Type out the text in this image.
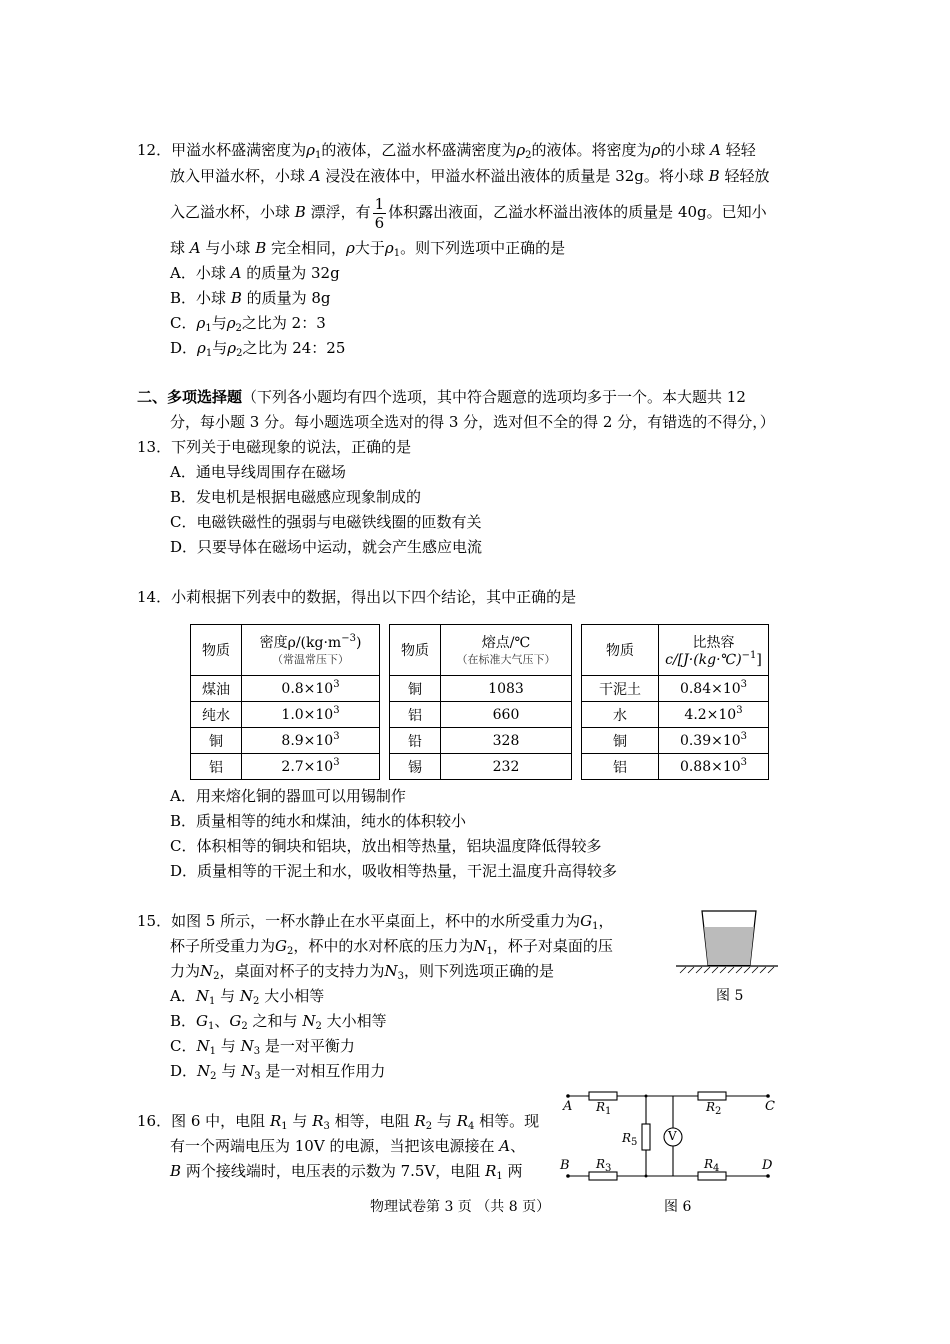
12．甲溢水杯盛满密度为$\rho_1$的液体，乙溢水杯盛满密度为$\rho_2$的液体。将密度为ρ的小球 A 轻轻
放入甲溢水杯，小球 A 浸没在液体中，甲溢水杯溢出液体的质量是 32g。将小球 B 轻轻放
入乙溢水杯，小球 B 漂浮，有 $\frac{1}{6}$ 体积露出液面，乙溢水杯溢出液体的质量是 40g。已知小
球 A 与小球 B 完全相同，ρ大于$\rho_1$。则下列选项中正确的是
A．小球 A 的质量为 32g
B．小球 B 的质量为 8g
C．$\rho_1$与$\rho_2$之比为 2：3
D．$\rho_1$与$\rho_2$之比为 24：25
二、多项选择题（下列各小题均有四个选项，其中符合题意的选项均多于一个。本大题共 12
分，每小题 3 分。每小题选项全选对的得 3 分，选对但不全的得 2 分，有错选的不得分，）
13．下列关于电磁现象的说法，正确的是
A．通电导线周围存在磁场
B．发电机是根据电磁感应现象制成的
C．电磁铁磁性的强弱与电磁铁线圈的匝数有关
D．只要导体在磁场中运动，就会产生感应电流
14．小莉根据下列表中的数据，得出以下四个结论，其中正确的是
物质	密度$\rho/(kg\cdot m^{-3})$
（常温常压下）

煤油	$0.8\times 10^3$
纯水	$1.0\times 10^3$
铜	$8.9\times 10^3$
铝	$2.7\times 10^3$
物质	熔点/℃
（在标准大气压下）

铜	1083
铝	660
铅	328
锡	232
物质	比热容
c/[J·(kg·℃)$^{-1}$]
干泥土	$0.84\times 10^3$
水	$4.2\times 10^3$
铜	$0.39\times 10^3$
铝	$0.88\times 10^3$
A．用来熔化铜的器皿可以用锡制作
B．质量相等的纯水和煤油，纯水的体积较小
C．体积相等的铜块和铝块，放出相等热量，铝块温度降低得较多
D．质量相等的干泥土和水，吸收相等热量，干泥土温度升高得较多
15．如图 5 所示，一杯水静止在水平桌面上，杯中的水所受重力为$G_1$，
杯子所受重力为$G_2$，杯中的水对杯底的压力为$N_1$，杯子对桌面的压
力为$N_2$，桌面对杯子的支持力为$N_3$，则下列选项正确的是
A．$N_1$ 与 $N_2$ 大小相等
B．$G_1$、$G_2$ 之和与 $N_2$ 大小相等
C．$N_1$ 与 $N_3$ 是一对平衡力
D．$N_2$ 与 $N_3$ 是一对相互作用力
图 5
16．图 6 中，电阻 $R_1$ 与 $R_3$ 相等，电阻 $R_2$ 与 $R_4$ 相等。现
有一个两端电压为 10V 的电源，当把该电源接在 A、
B 两个接线端时，电压表的示数为 7.5V，电阻 $R_1$ 两
A $R_1$	$R_2$	C
$R_5$	V
B $R_3$	$R_4$	D
图 6
物理试卷第 3 页 （共 8 页）
